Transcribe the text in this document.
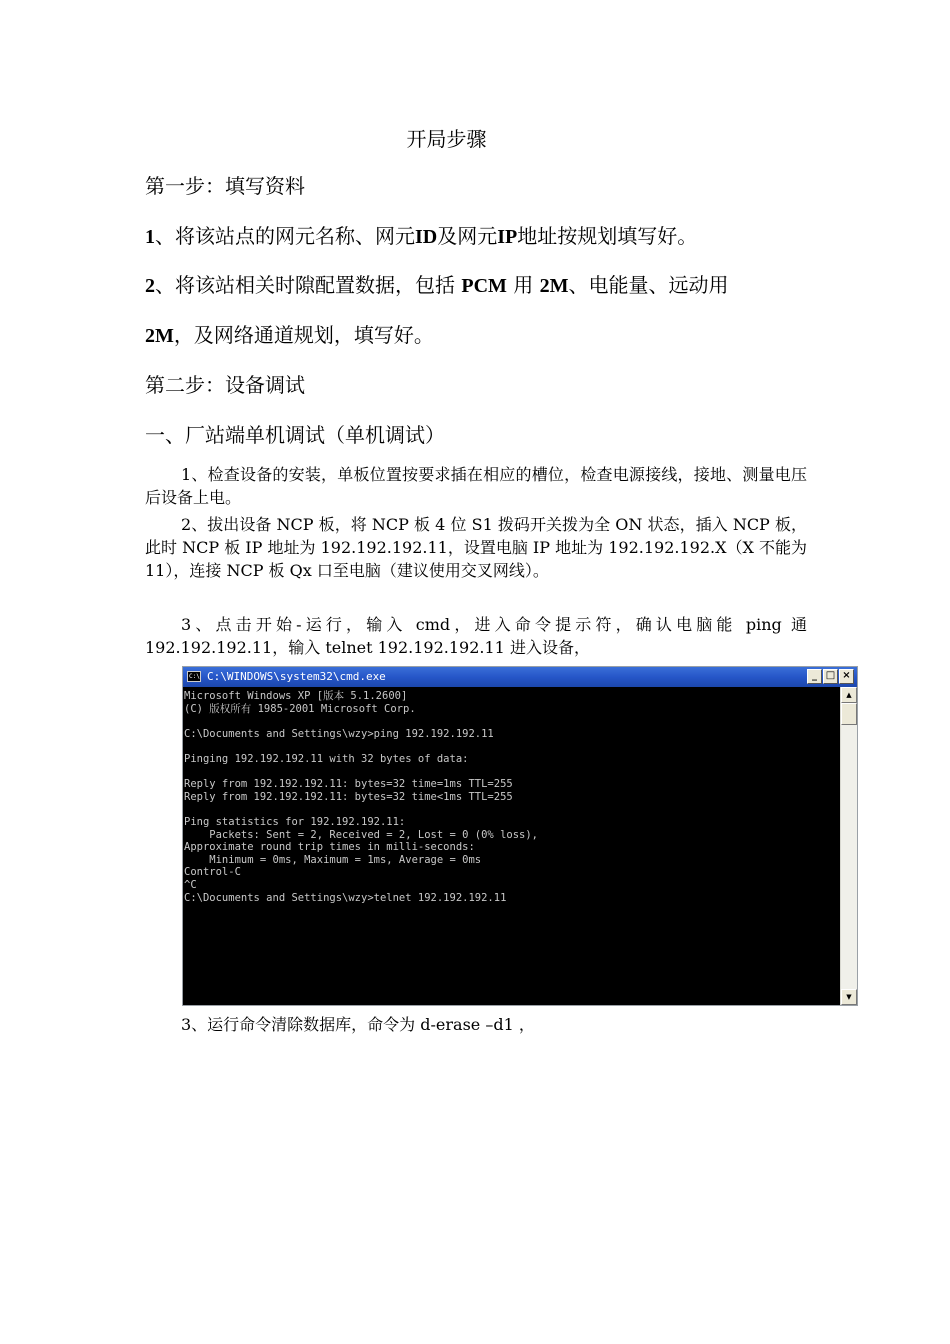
开局步骤
第一步：填写资料
1、将该站点的网元名称、网元ID及网元IP地址按规划填写好。
2、将该站相关时隙配置数据，包括 PCM 用 2M、电能量、远动用
2M，及网络通道规划，填写好。
第二步：设备调试
一、厂站端单机调试（单机调试）
1、检查设备的安装，单板位置按要求插在相应的槽位，检查电源接线，接地、测量电压后设备上电。
2、拔出设备 NCP 板，将 NCP 板 4 位 S1 拨码开关拨为全 ON 状态，插入 NCP 板，此时 NCP 板 IP 地址为 192.192.192.11，设置电脑 IP 地址为 192.192.192.X（X 不能为 11），连接 NCP 板 Qx 口至电脑（建议使用交叉网线）。
3、点击开始-运行，输入 cmd，进入命令提示符，确认电脑能 ping 通
192.192.192.11，输入 telnet 192.192.192.11 进入设备，
C:\
C:\WINDOWS\system32\cmd.exe	_ □ ×
Microsoft Windows XP [版本 5.1.2600]
(C) 版权所有 1985-2001 Microsoft Corp.
C:\Documents and Settings\wzy>ping 192.192.192.11
Pinging 192.192.192.11 with 32 bytes of data:
Reply from 192.192.192.11: bytes=32 time=1ms TTL=255
Reply from 192.192.192.11: bytes=32 time<1ms TTL=255
Ping statistics for 192.192.192.11:
Packets: Sent = 2, Received = 2, Lost = 0 (0% loss),
Approximate round trip times in milli-seconds:
Minimum = 0ms, Maximum = 1ms, Average = 0ms
Control-C
^C
C:\Documents and Settings\wzy>telnet 192.192.192.11
▲
▼
3、运行命令清除数据库，命令为 d-erase –d1 ，
